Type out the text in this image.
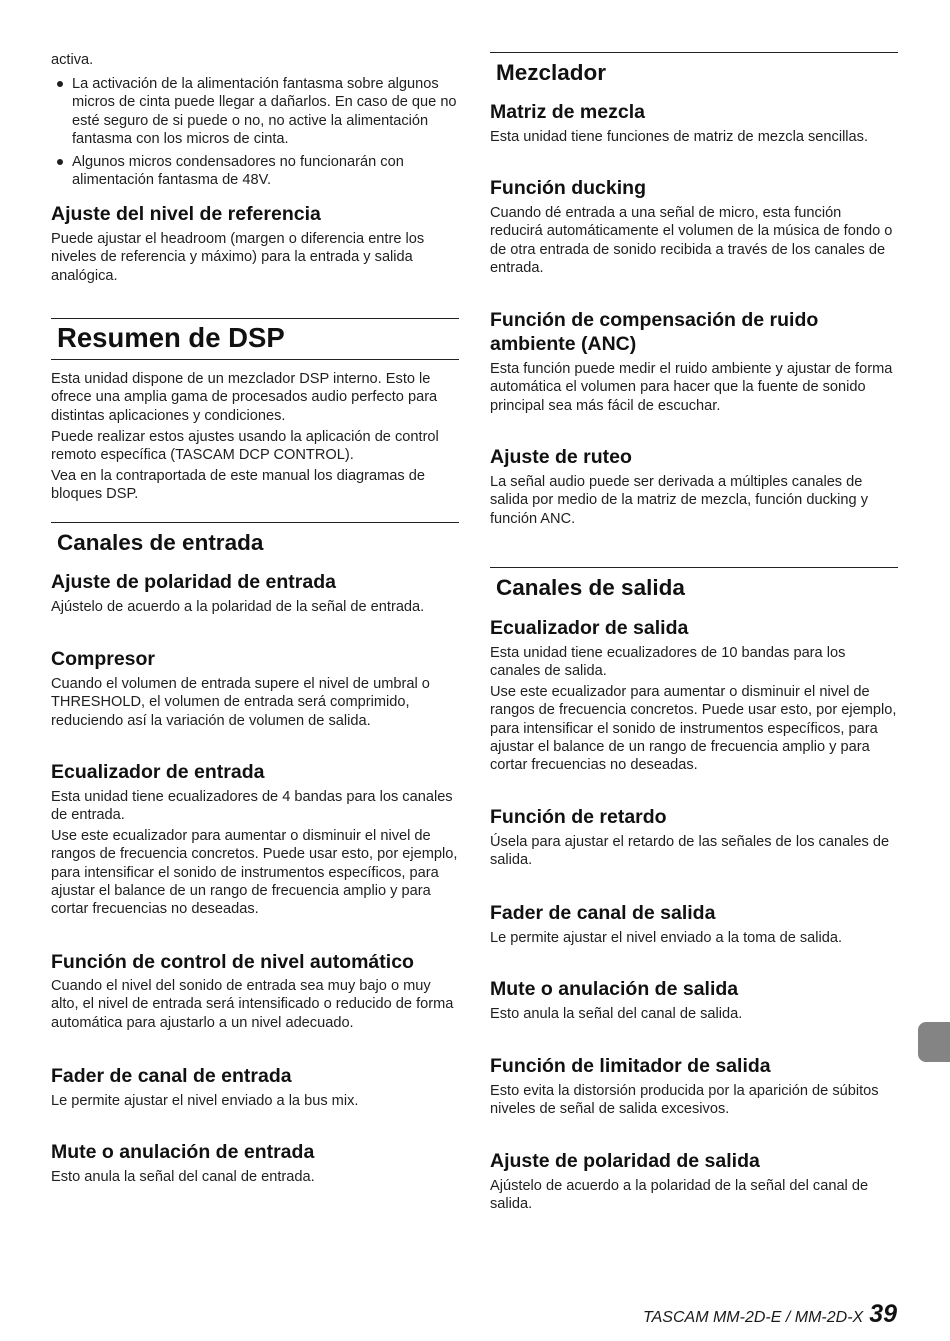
activa.

La activación de la alimentación fantasma sobre algunos micros de cinta puede llegar a dañarlos. En caso de que no esté seguro de si puede o no, no active la alimentación fantasma con los micros de cinta.

Algunos micros condensadores no funcionarán con alimentación fantasma de 48V.

Ajuste del nivel de referencia

Puede ajustar el headroom (margen o diferencia entre los niveles de referencia y máximo) para la entrada y salida analógica.

Resumen de DSP

Esta unidad dispone de un mezclador DSP interno. Esto le ofrece una amplia gama de procesados audio perfecto para distintas aplicaciones y condiciones.

Puede realizar estos ajustes usando la aplicación de control remoto específica (TASCAM DCP CONTROL).

Vea en la contraportada de este manual los diagramas de bloques DSP.

Canales de entrada
Ajuste de polaridad de entrada

Ajústelo de acuerdo a la polaridad de la señal de entrada.

Compresor

Cuando el volumen de entrada supere el nivel de umbral o THRESHOLD, el volumen de entrada será comprimido, reduciendo así la variación de volumen de salida.

Ecualizador de entrada

Esta unidad tiene ecualizadores de 4 bandas para los canales de entrada.

Use este ecualizador para aumentar o disminuir el nivel de rangos de frecuencia concretos. Puede usar esto, por ejemplo, para intensificar el sonido de instrumentos específicos, para ajustar el balance de un rango de frecuencia amplio y para cortar frecuencias no deseadas.

Función de control de nivel automático

Cuando el nivel del sonido de entrada sea muy bajo o muy alto, el nivel de entrada será intensificado o reducido de forma automática para ajustarlo a un nivel adecuado.

Fader de canal de entrada

Le permite ajustar el nivel enviado a la bus mix.

Mute o anulación de entrada

Esto anula la señal del canal de entrada.

Mezclador
Matriz de mezcla

Esta unidad tiene funciones de matriz de mezcla sencillas.

Función ducking

Cuando dé entrada a una señal de micro, esta función reducirá automáticamente el volumen de la música de fondo o de otra entrada de sonido recibida a través de los canales de entrada.

Función de compensación de ruido ambiente (ANC)

Esta función puede medir el ruido ambiente y ajustar de forma automática el volumen para hacer que la fuente de sonido principal sea más fácil de escuchar.

Ajuste de ruteo

La señal audio puede ser derivada a múltiples canales de salida por medio de la matriz de mezcla, función ducking y función ANC.

Canales de salida
Ecualizador de salida

Esta unidad tiene ecualizadores de 10 bandas para los canales de salida.

Use este ecualizador para aumentar o disminuir el nivel de rangos de frecuencia concretos. Puede usar esto, por ejemplo, para intensificar el sonido de instrumentos específicos, para ajustar el balance de un rango de frecuencia amplio y para cortar frecuencias no deseadas.

Función de retardo

Úsela para ajustar el retardo de las señales de los canales de salida.

Fader de canal de salida

Le permite ajustar el nivel enviado a la toma de salida.

Mute o anulación de salida

Esto anula la señal del canal de salida.

Función de limitador de salida

Esto evita la distorsión producida por la aparición de súbitos niveles de señal de salida excesivos.

Ajuste de polaridad de salida

Ajústelo de acuerdo a la polaridad de la señal del canal de salida.

TASCAM MM-2D-E / MM-2D-X 39
